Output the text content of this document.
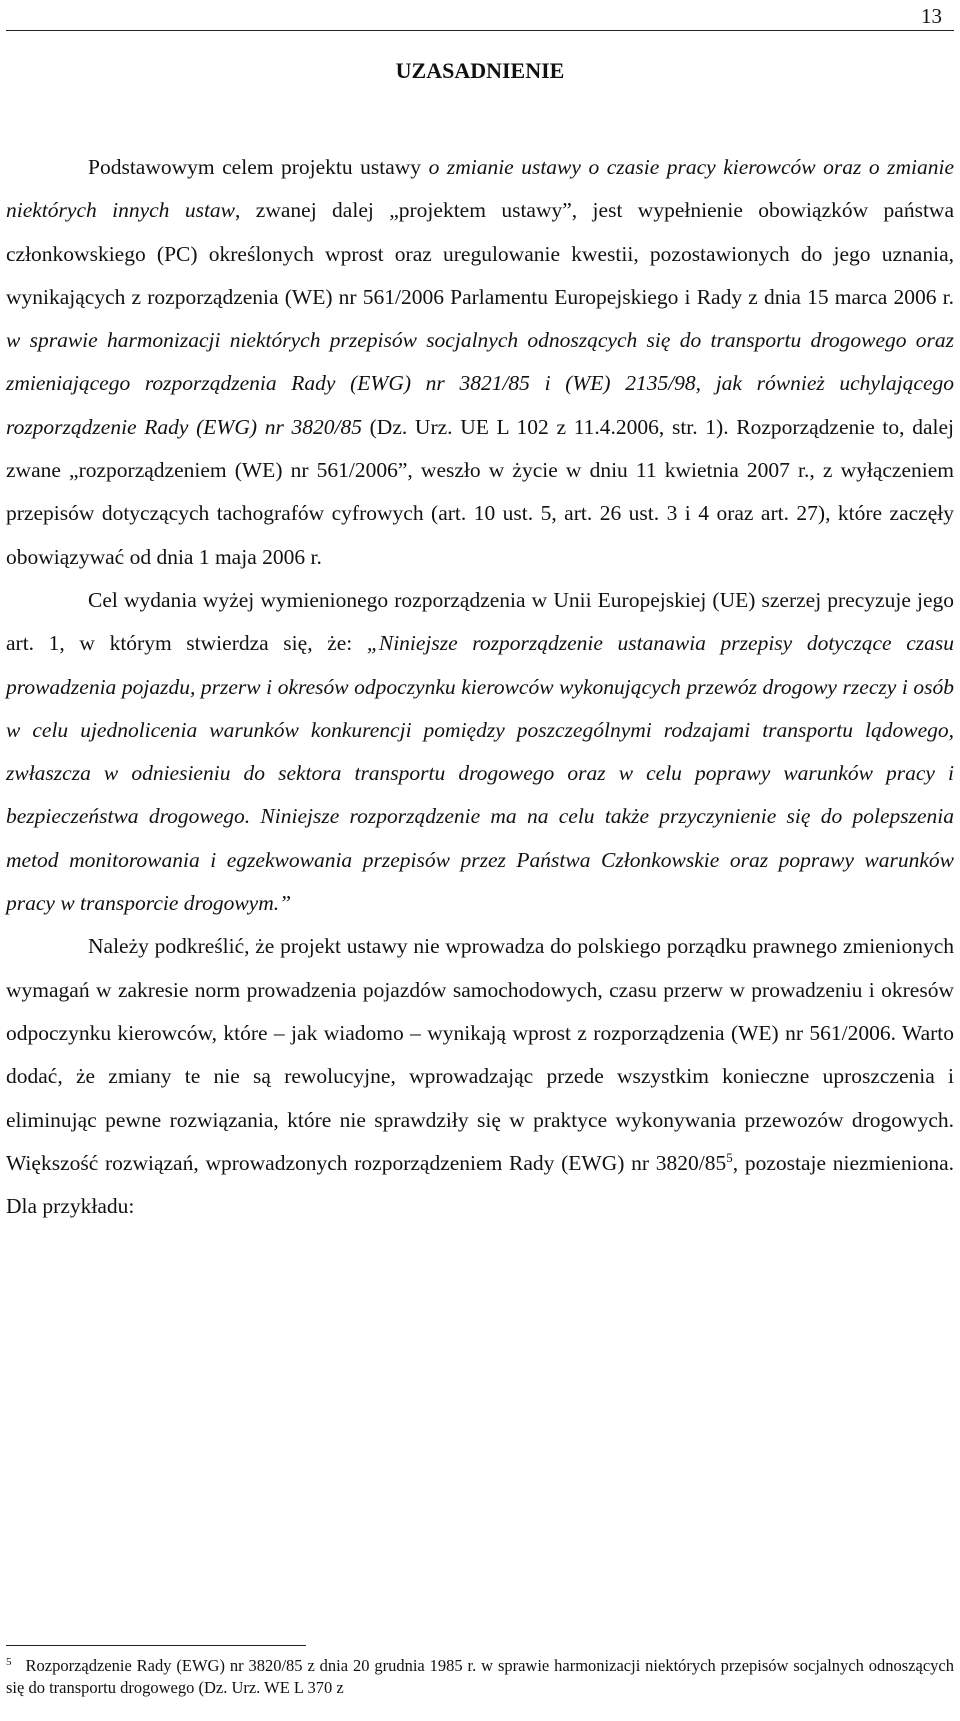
13
UZASADNIENIE

Podstawowym celem projektu ustawy o zmianie ustawy o czasie pracy kierowców oraz o zmianie niektórych innych ustaw, zwanej dalej „projektem ustawy”, jest wypełnienie obowiązków państwa członkowskiego (PC) określonych wprost oraz uregulowanie kwestii, pozostawionych do jego uznania, wynikających z rozporządzenia (WE) nr 561/2006 Parlamentu Europejskiego i Rady z dnia 15 marca 2006 r. w sprawie harmonizacji niektórych przepisów socjalnych odnoszących się do transportu drogowego oraz zmieniającego rozporządzenia Rady (EWG) nr 3821/85 i (WE) 2135/98, jak również uchylającego rozporządzenie Rady (EWG) nr 3820/85 (Dz. Urz. UE L 102 z 11.4.2006, str. 1). Rozporządzenie to, dalej zwane „rozporządzeniem (WE) nr 561/2006”, weszło w życie w dniu 11 kwietnia 2007 r., z wyłączeniem przepisów dotyczących tachografów cyfrowych (art. 10 ust. 5, art. 26 ust. 3 i 4 oraz art. 27), które zaczęły obowiązywać od dnia 1 maja 2006 r.

Cel wydania wyżej wymienionego rozporządzenia w Unii Europejskiej (UE) szerzej precyzuje jego art. 1, w którym stwierdza się, że: „Niniejsze rozporządzenie ustanawia przepisy dotyczące czasu prowadzenia pojazdu, przerw i okresów odpoczynku kierowców wykonujących przewóz drogowy rzeczy i osób w celu ujednolicenia warunków konkurencji pomiędzy poszczególnymi rodzajami transportu lądowego, zwłaszcza w odniesieniu do sektora transportu drogowego oraz w celu poprawy warunków pracy i bezpieczeństwa drogowego. Niniejsze rozporządzenie ma na celu także przyczynienie się do polepszenia metod monitorowania i egzekwowania przepisów przez Państwa Członkowskie oraz poprawy warunków pracy w transporcie drogowym.”

Należy podkreślić, że projekt ustawy nie wprowadza do polskiego porządku prawnego zmienionych wymagań w zakresie norm prowadzenia pojazdów samochodowych, czasu przerw w prowadzeniu i okresów odpoczynku kierowców, które – jak wiadomo – wynikają wprost z rozporządzenia (WE) nr 561/2006. Warto dodać, że zmiany te nie są rewolucyjne, wprowadzając przede wszystkim konieczne uproszczenia i eliminując pewne rozwiązania, które nie sprawdziły się w praktyce wykonywania przewozów drogowych. Większość rozwiązań, wprowadzonych rozporządzeniem Rady (EWG) nr $3820/85^5$, pozostaje niezmieniona. Dla przykładu:

$^5$ Rozporządzenie Rady (EWG) nr 3820/85 z dnia 20 grudnia 1985 r. w sprawie harmonizacji niektórych przepisów socjalnych odnoszących się do transportu drogowego (Dz. Urz. WE L 370 z
